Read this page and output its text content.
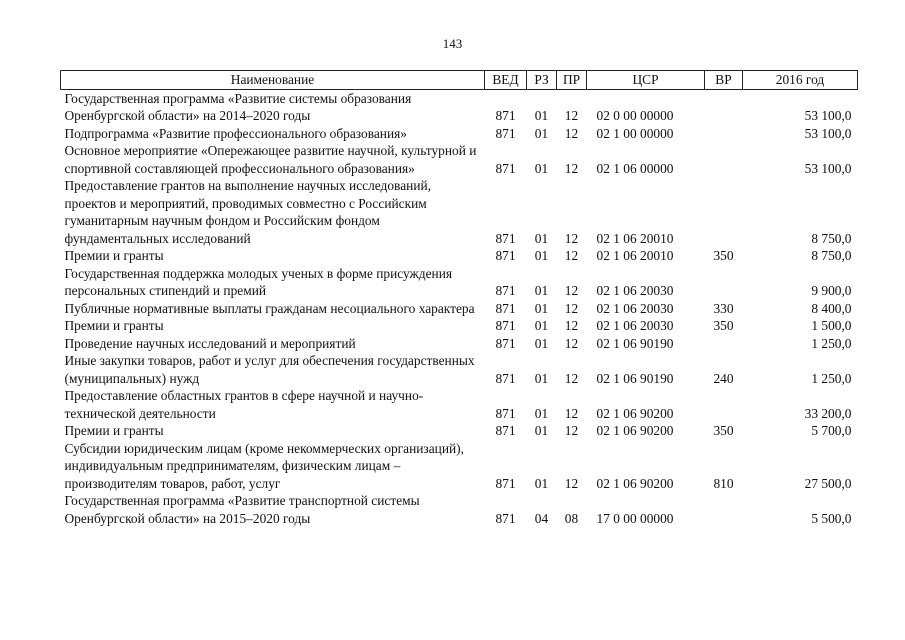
143
Наименование	ВЕД	РЗ	ПР	ЦСР	ВР	2016 год
Государственная программа «Развитие системы образования Оренбургской области» на 2014–2020 годы	871	01	12	02 0 00 00000		53 100,0
Подпрограмма «Развитие профессионального образования»	871	01	12	02 1 00 00000		53 100,0
Основное мероприятие «Опережающее развитие научной, культурной и спортивной составляющей профессионального образования»	871	01	12	02 1 06 00000		53 100,0
Предоставление грантов на выполнение научных исследований, проектов и мероприятий, проводимых совместно с Российским гуманитарным научным фондом и Российским фондом фундаментальных исследований	871	01	12	02 1 06 20010		8 750,0
Премии и гранты	871	01	12	02 1 06 20010	350	8 750,0
Государственная поддержка молодых ученых в форме присуждения персональных стипендий и премий	871	01	12	02 1 06 20030		9 900,0
Публичные нормативные выплаты гражданам несоциального характера	871	01	12	02 1 06 20030	330	8 400,0
Премии и гранты	871	01	12	02 1 06 20030	350	1 500,0
Проведение научных исследований и мероприятий	871	01	12	02 1 06 90190		1 250,0
Иные закупки товаров, работ и услуг для обеспечения государственных (муниципальных) нужд	871	01	12	02 1 06 90190	240	1 250,0
Предоставление областных грантов в сфере научной и научно-технической деятельности	871	01	12	02 1 06 90200		33 200,0
Премии и гранты	871	01	12	02 1 06 90200	350	5 700,0
Субсидии юридическим лицам (кроме некоммерческих организаций), индивидуальным предпринимателям, физическим лицам – производителям товаров, работ, услуг	871	01	12	02 1 06 90200	810	27 500,0
Государственная программа «Развитие транспортной системы Оренбургской области» на 2015–2020 годы	871	04	08	17 0 00 00000		5 500,0
